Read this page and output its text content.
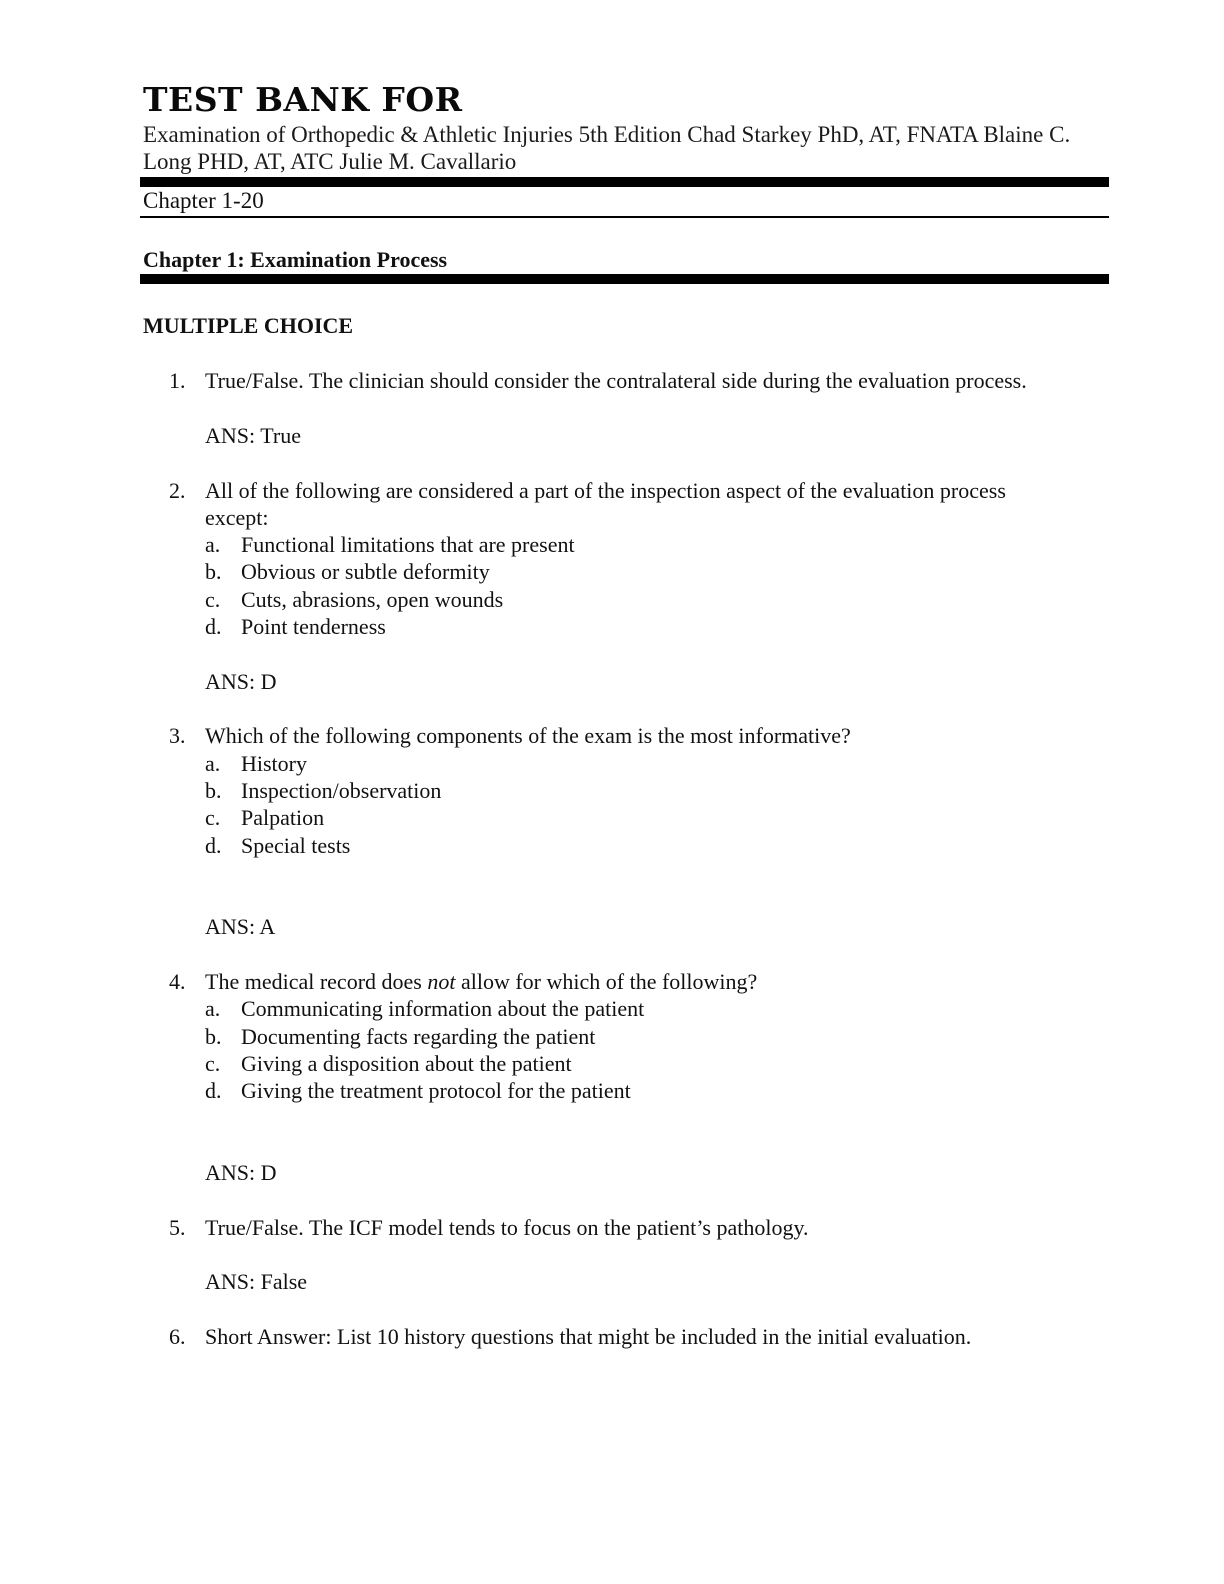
TEST BANK FOR
Examination of Orthopedic & Athletic Injuries 5th Edition Chad Starkey PhD, AT, FNATA Blaine C.
Long PHD, AT, ATC Julie M. Cavallario
Chapter 1-20
Chapter 1: Examination Process
MULTIPLE CHOICE
1. True/False. The clinician should consider the contralateral side during the evaluation process.
ANS: True
2. All of the following are considered a part of the inspection aspect of the evaluation process
except:
a. Functional limitations that are present
b. Obvious or subtle deformity
c. Cuts, abrasions, open wounds
d. Point tenderness
ANS: D
3. Which of the following components of the exam is the most informative?
a. History
b. Inspection/observation
c. Palpation
d. Special tests
ANS: A
4. The medical record does not allow for which of the following?
a. Communicating information about the patient
b. Documenting facts regarding the patient
c. Giving a disposition about the patient
d. Giving the treatment protocol for the patient
ANS: D
5. True/False. The ICF model tends to focus on the patient’s pathology.
ANS: False
6. Short Answer: List 10 history questions that might be included in the initial evaluation.
